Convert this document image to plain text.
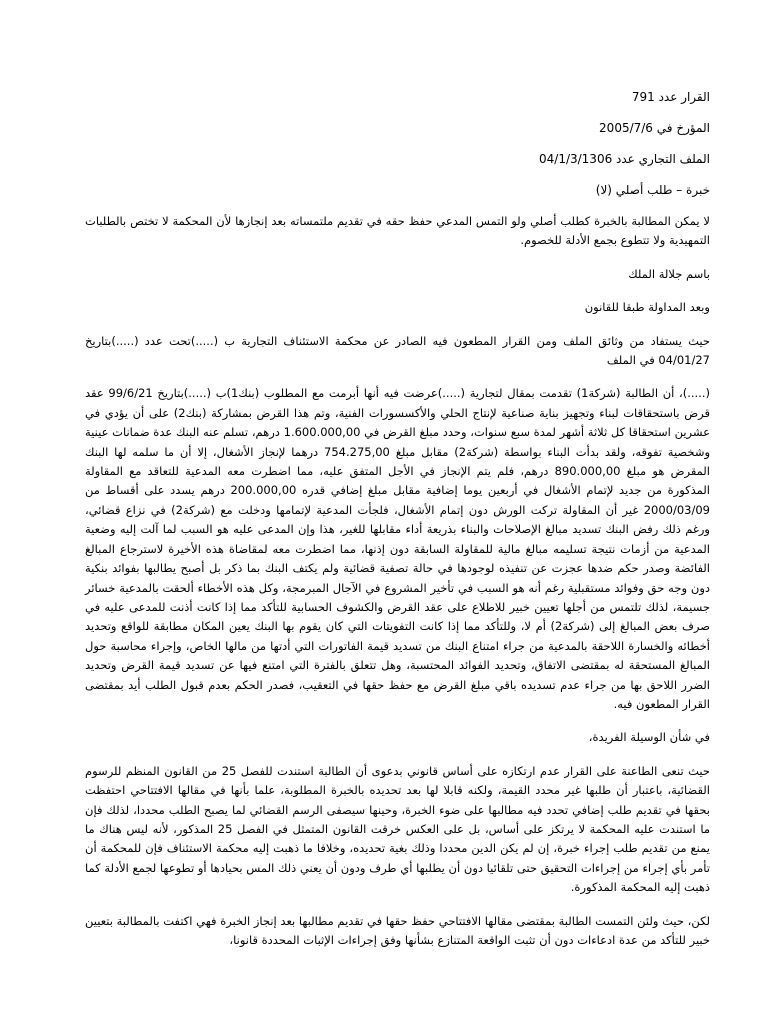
القرار عدد 791
المؤرخ في 2005/7/6
الملف التجاري عدد 04/1/3/1306
خبرة – طلب أصلي (لا)

لا يمكن المطالبة بالخبرة كطلب أصلي ولو التمس المدعي حفظ حقه في تقديم ملتمساته بعد إنجازها لأن المحكمة لا تختص بالطلبات التمهيدية ولا تتطوع بجمع الأدلة للخصوم.

باسم جلالة الملك

وبعد المداولة طبقا للقانون

حيث يستفاد من وثائق الملف ومن القرار المطعون فيه الصادر عن محكمة الاستئناف التجارية ب (.....)تحت عدد (.....)بتاريخ 04/01/27 في الملف

(.....)، أن الطالبة (شركة1) تقدمت بمقال لتجارية (.....)عرضت فيه أنها أبرمت مع المطلوب (بنك1)ب (.....)بتاريخ 99/6/21 عقد قرض باستحقاقات لبناء وتجهيز بناية صناعية لإنتاج الحلي والأكسسورات الفنية، وتم هذا القرض بمشاركة (بنك2) على أن يؤدي في عشرين استحقاقا كل ثلاثة أشهر لمدة سبع سنوات، وحدد مبلغ القرض في 1.600.000,00 درهم، تسلم عنه البنك عدة ضمانات عينية وشخصية تفوقه، ولقد بدأت البناء بواسطة (شركة2) مقابل مبلغ 754.275,00 درهما لإنجاز الأشغال، إلا أن ما سلمه لها البنك المقرض هو مبلغ 890.000,00 درهم، فلم يتم الإنجاز في الأجل المتفق عليه، مما اضطرت معه المدعية للتعاقد مع المقاولة المذكورة من جديد لإتمام الأشغال في أربعين يوما إضافية مقابل مبلغ إضافي قدره 200.000,00 درهم يسدد على أقساط من 2000/03/09 غير أن المقاولة تركت الورش دون إتمام الأشغال، فلجأت المدعية لإتمامها ودخلت مع (شركة2) في نزاع قضائي، ورغم ذلك رفض البنك تسديد مبالغ الإصلاحات والبناء بذريعة أداء مقابلها للغير، هذا وإن المدعى عليه هو السبب لما آلت إليه وضعية المدعية من أزمات نتيجة تسليمه مبالغ مالية للمقاولة السابقة دون إذنها، مما اضطرت معه لمقاضاة هذه الأخيرة لاسترجاع المبالغ الفائضة وصدر حكم ضدها عجزت عن تنفيذه لوجودها في حالة تصفية قضائية ولم يكتف البنك بما ذكر بل أصبح يطالبها بفوائد بنكية دون وجه حق وفوائد مستقبلية رغم أنه هو السبب في تأخير المشروع في الآجال المبرمجة، وكل هذه الأخطاء ألحقت بالمدعية خسائر جسيمة، لذلك تلتمس من أجلها تعيين خبير للاطلاع على عقد القرض والكشوف الحسابية للتأكد مما إذا كانت أذنت للمدعى عليه في صرف بعض المبالغ إلى (شركة2) أم لا، وللتأكد مما إذا كانت التفويتات التي كان يقوم بها البنك يعين المكان مطابقة للواقع وتحديد أخطائه والخسارة اللاحقة بالمدعية من جراء امتناع البنك من تسديد قيمة الفاتورات التي أدتها من مالها الخاص، وإجراء محاسبة حول المبالغ المستحقة له بمقتضى الاتفاق، وتحديد الفوائد المحتسبة، وهل تتعلق بالفترة التي امتنع فيها عن تسديد قيمة القرض وتحديد الضرر اللاحق بها من جراء عدم تسديده باقي مبلغ القرض مع حفظ حقها في التعقيب، فصدر الحكم بعدم قبول الطلب أيد بمقتضى القرار المطعون فيه.

في شأن الوسيلة الفريدة،

حيث تنعى الطاعنة على القرار عدم ارتكازه على أساس قانوني بدعوى أن الطالبة استندت للفصل 25 من القانون المنظم للرسوم القضائية، باعتبار أن طلبها غير محدد القيمة، ولكنه قابلا لها بعد تحديده بالخبرة المطلوبة، علما بأنها في مقالها الافتتاحي احتفظت بحقها في تقديم طلب إضافي تحدد فيه مطالبها على ضوء الخبرة، وحينها سيصفى الرسم القضائي لما يصبح الطلب محددا، لذلك فإن ما استندت عليه المحكمة لا يرتكز على أساس، بل على العكس خرقت القانون المتمثل في الفصل 25 المذكور، لأنه ليس هناك ما يمنع من تقديم طلب إجراء خبرة، إن لم يكن الدين محددا وذلك بغية تحديده، وخلافا ما ذهبت إليه محكمة الاستئناف فإن للمحكمة أن تأمر بأي إجراء من إجراءات التحقيق حتى تلقائيا دون أن يطلبها أي طرف ودون أن يعني ذلك المس بحيادها أو تطوعها لجمع الأدلة كما ذهبت إليه المحكمة المذكورة.

لكن، حيث ولئن التمست الطالبة بمقتضى مقالها الافتتاحي حفظ حقها في تقديم مطالبها بعد إنجاز الخبرة فهي اكتفت بالمطالبة بتعيين خبير للتأكد من عدة ادعاءات دون أن تثبت الواقعة المتنازع بشأنها وفق إجراءات الإثبات المحددة قانونا،
